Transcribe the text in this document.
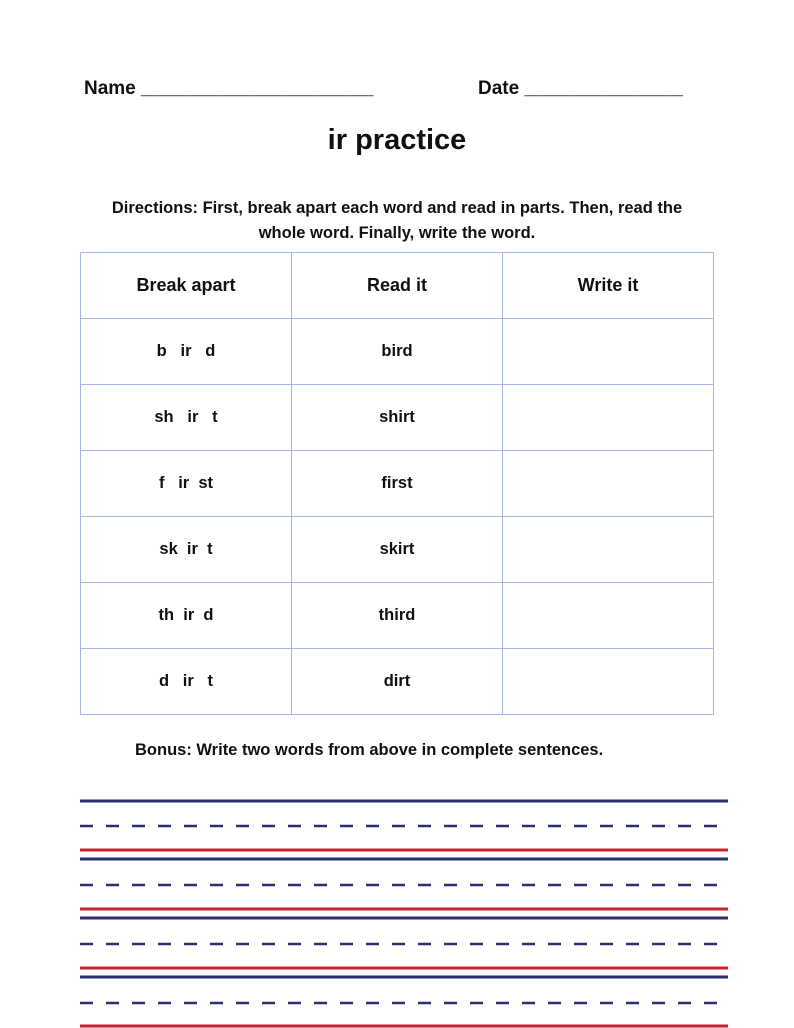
Name ______________________	Date _______________
ir practice
Directions: First, break apart each word and read in parts. Then, read the whole word. Finally, write the word.
Break apart	Read it	Write it
b   ir   d	bird	
sh   ir   t	shirt	
f   ir  st	first	
sk  ir  t	skirt	
th  ir  d	third	
d   ir   t	dirt	
Bonus: Write two words from above in complete sentences.
